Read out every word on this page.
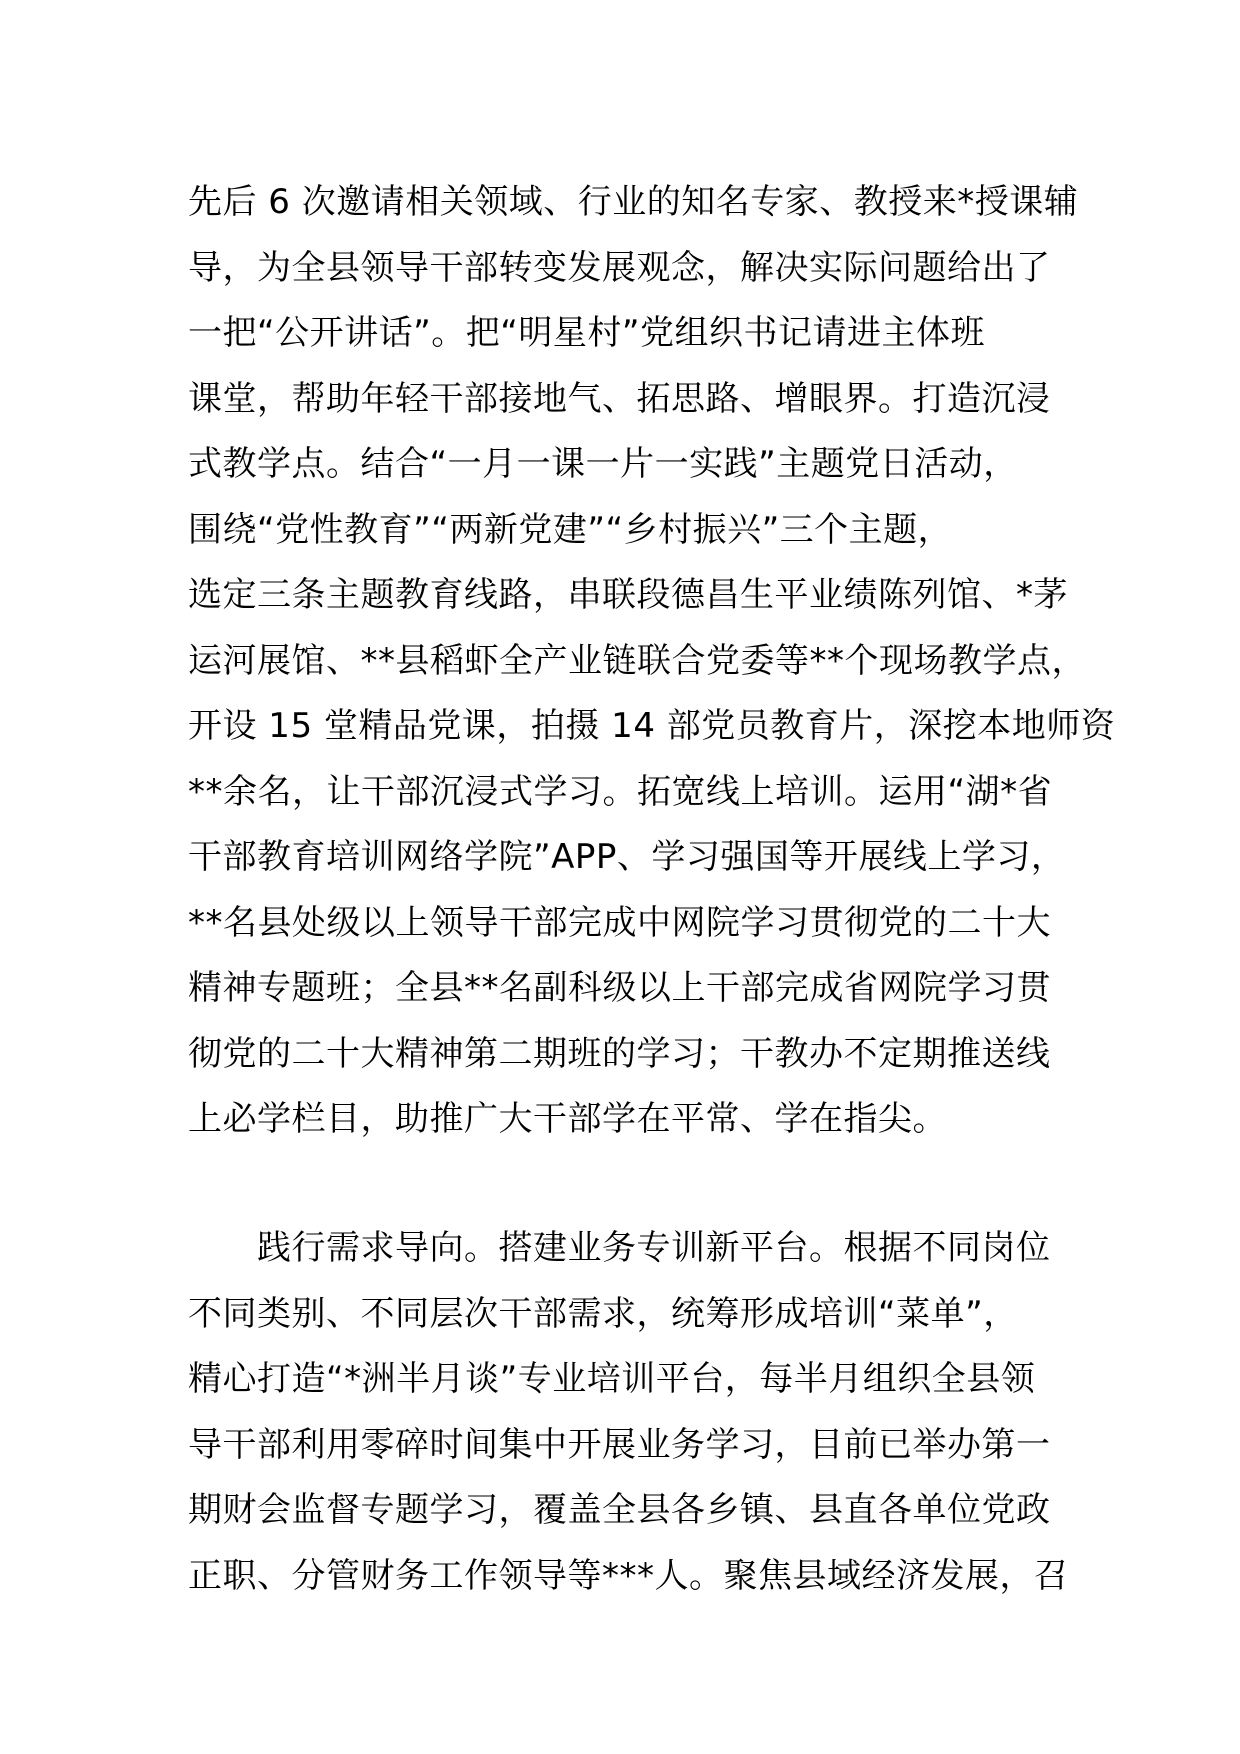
先后 6 次邀请相关领域、行业的知名专家、教授来*授课辅
导，为全县领导干部转变发展观念，解决实际问题给出了
一把“公开讲话”。把“明星村”党组织书记请进主体班
课堂，帮助年轻干部接地气、拓思路、增眼界。打造沉浸
式教学点。结合“一月一课一片一实践”主题党日活动，
围绕“党性教育”“两新党建”“乡村振兴”三个主题，
选定三条主题教育线路，串联段德昌生平业绩陈列馆、*茅
运河展馆、**县稻虾全产业链联合党委等**个现场教学点，
开设 15 堂精品党课，拍摄 14 部党员教育片，深挖本地师资
**余名，让干部沉浸式学习。拓宽线上培训。运用“湖*省
干部教育培训网络学院”APP、学习强国等开展线上学习，
**名县处级以上领导干部完成中网院学习贯彻党的二十大
精神专题班；全县**名副科级以上干部完成省网院学习贯
彻党的二十大精神第二期班的学习；干教办不定期推送线
上必学栏目，助推广大干部学在平常、学在指尖。
　　践行需求导向。搭建业务专训新平台。根据不同岗位
不同类别、不同层次干部需求，统筹形成培训“菜单”，
精心打造“*洲半月谈”专业培训平台，每半月组织全县领
导干部利用零碎时间集中开展业务学习，目前已举办第一
期财会监督专题学习，覆盖全县各乡镇、县直各单位党政
正职、分管财务工作领导等***人。聚焦县域经济发展，召
